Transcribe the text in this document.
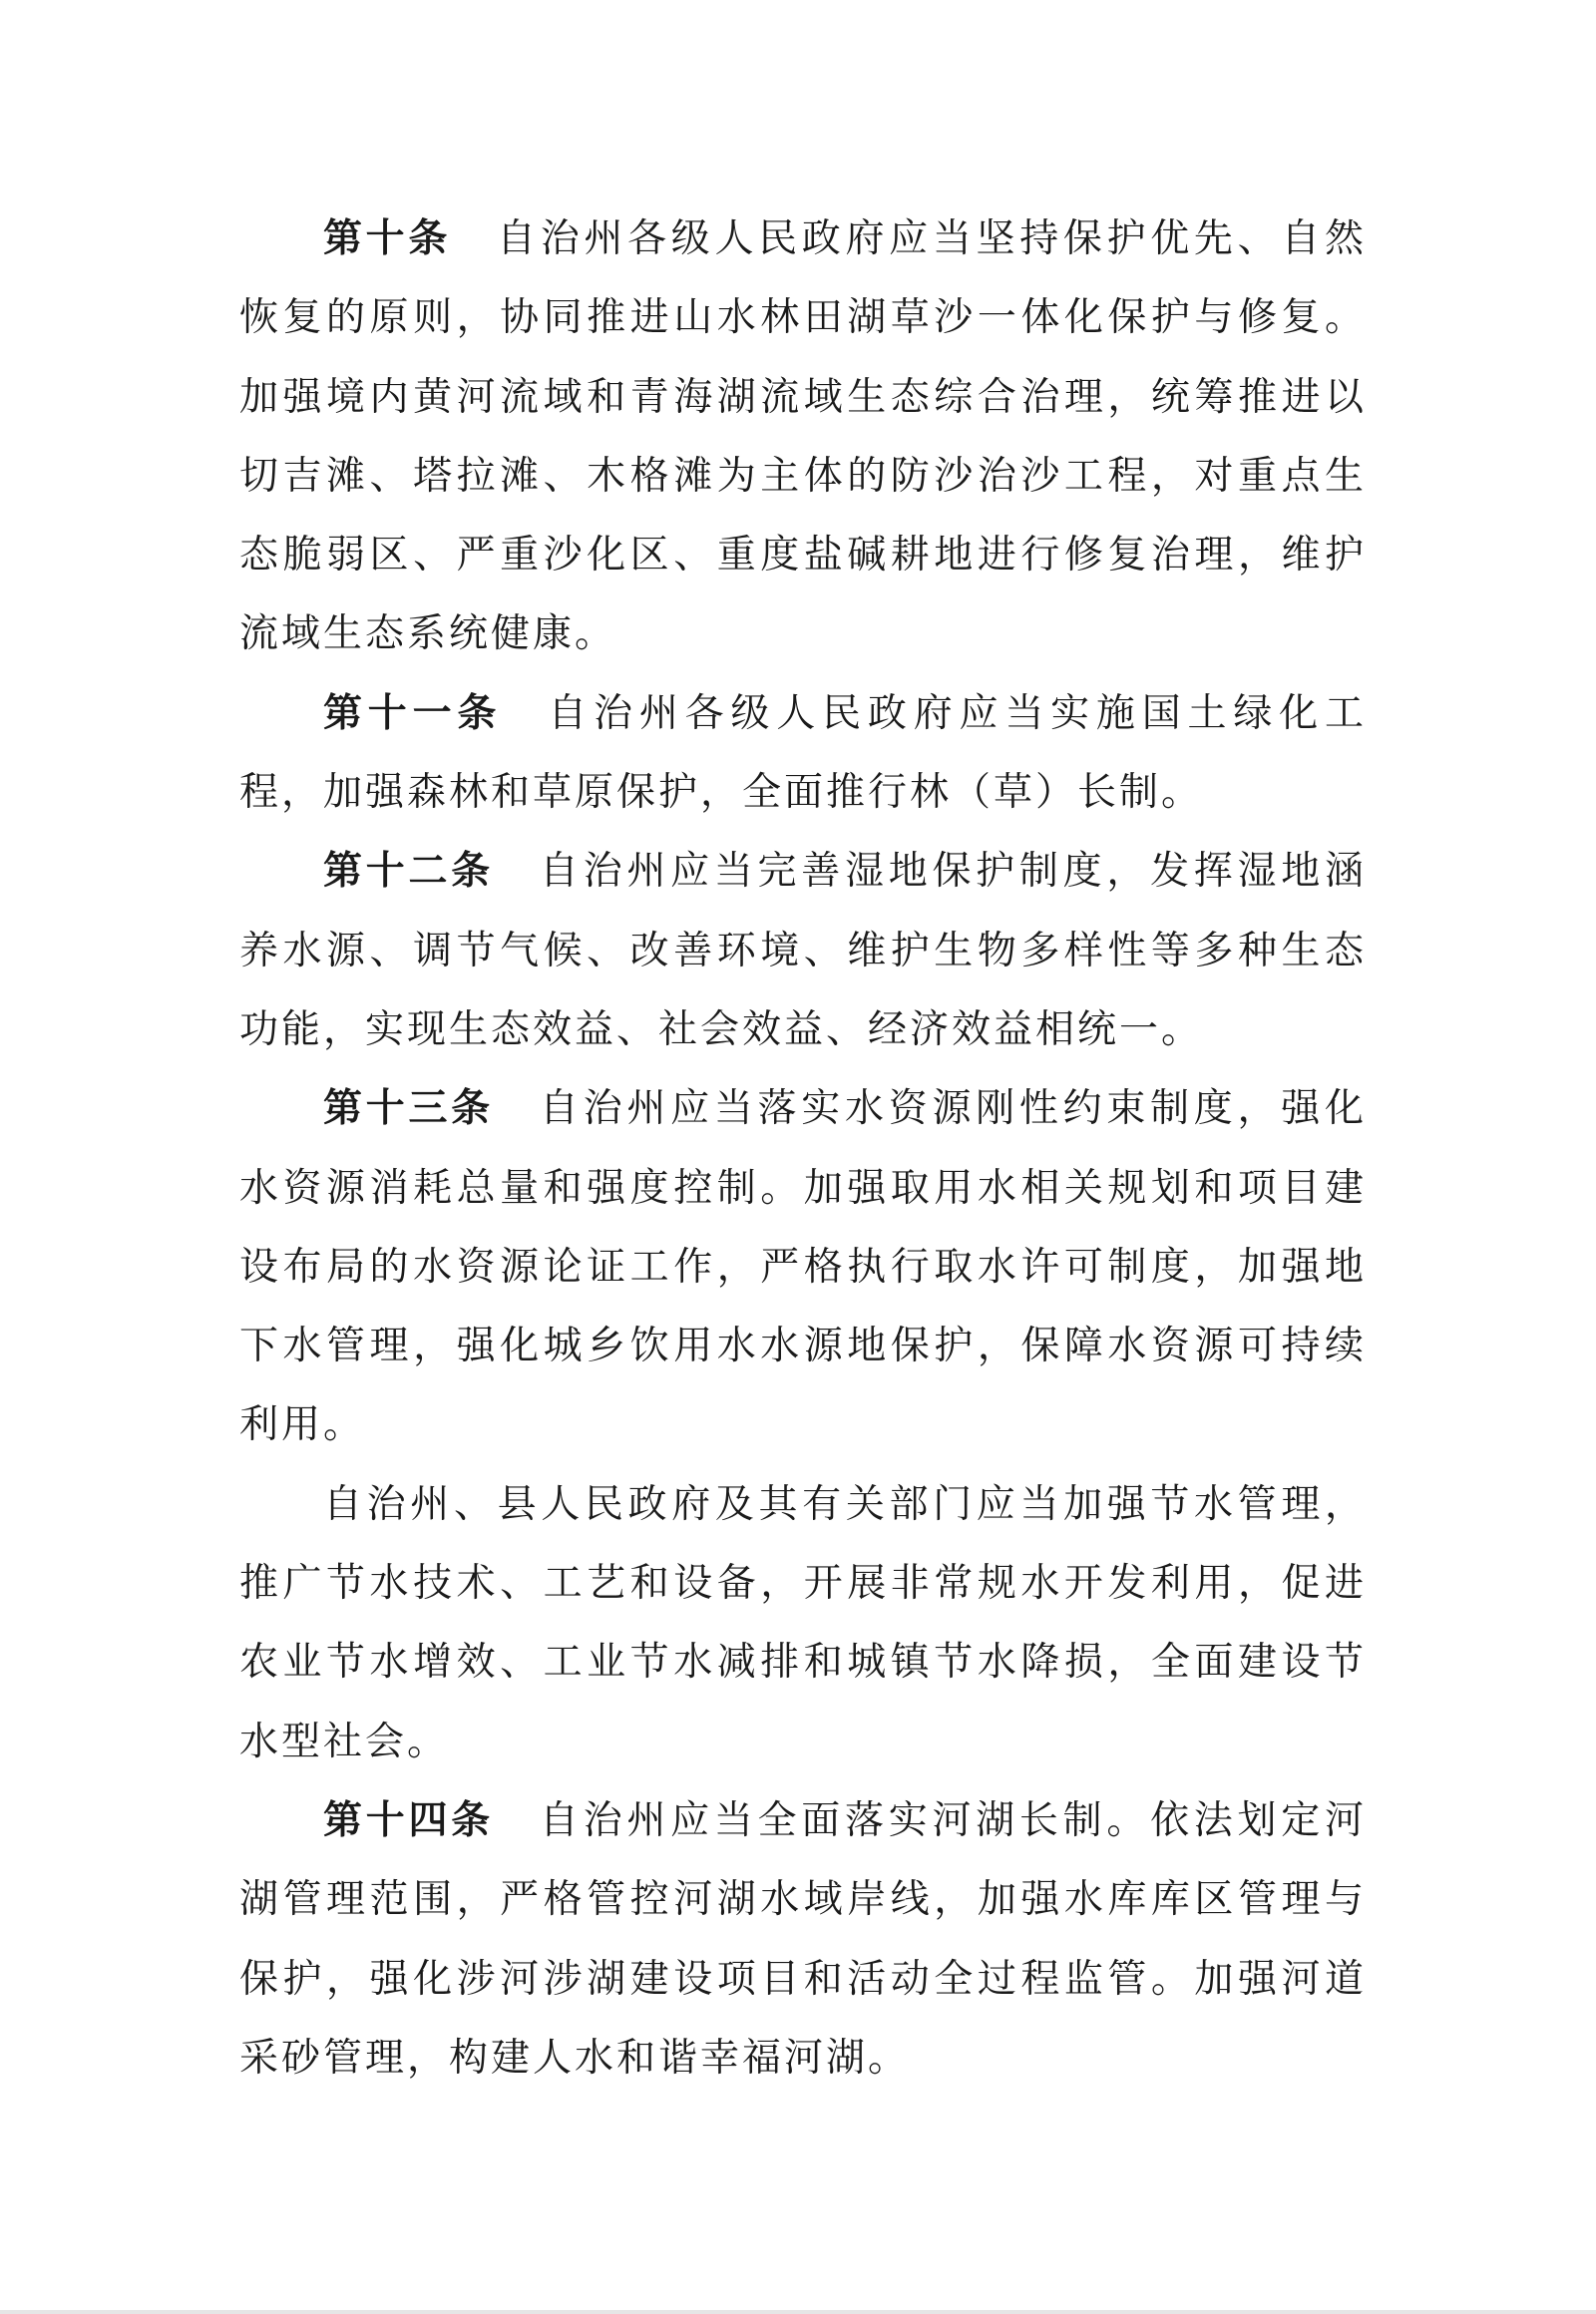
第十条 自治州各级人民政府应当坚持保护优先、自然恢复的原则，协同推进山水林田湖草沙一体化保护与修复。加强境内黄河流域和青海湖流域生态综合治理，统筹推进以切吉滩、塔拉滩、木格滩为主体的防沙治沙工程，对重点生态脆弱区、严重沙化区、重度盐碱耕地进行修复治理，维护流域生态系统健康。

第十一条 自治州各级人民政府应当实施国土绿化工程，加强森林和草原保护，全面推行林（草）长制。

第十二条 自治州应当完善湿地保护制度，发挥湿地涵养水源、调节气候、改善环境、维护生物多样性等多种生态功能，实现生态效益、社会效益、经济效益相统一。

第十三条 自治州应当落实水资源刚性约束制度，强化水资源消耗总量和强度控制。加强取用水相关规划和项目建设布局的水资源论证工作，严格执行取水许可制度，加强地下水管理，强化城乡饮用水水源地保护，保障水资源可持续利用。

自治州、县人民政府及其有关部门应当加强节水管理，推广节水技术、工艺和设备，开展非常规水开发利用，促进农业节水增效、工业节水减排和城镇节水降损，全面建设节水型社会。

第十四条 自治州应当全面落实河湖长制。依法划定河湖管理范围，严格管控河湖水域岸线，加强水库库区管理与保护，强化涉河涉湖建设项目和活动全过程监管。加强河道采砂管理，构建人水和谐幸福河湖。
